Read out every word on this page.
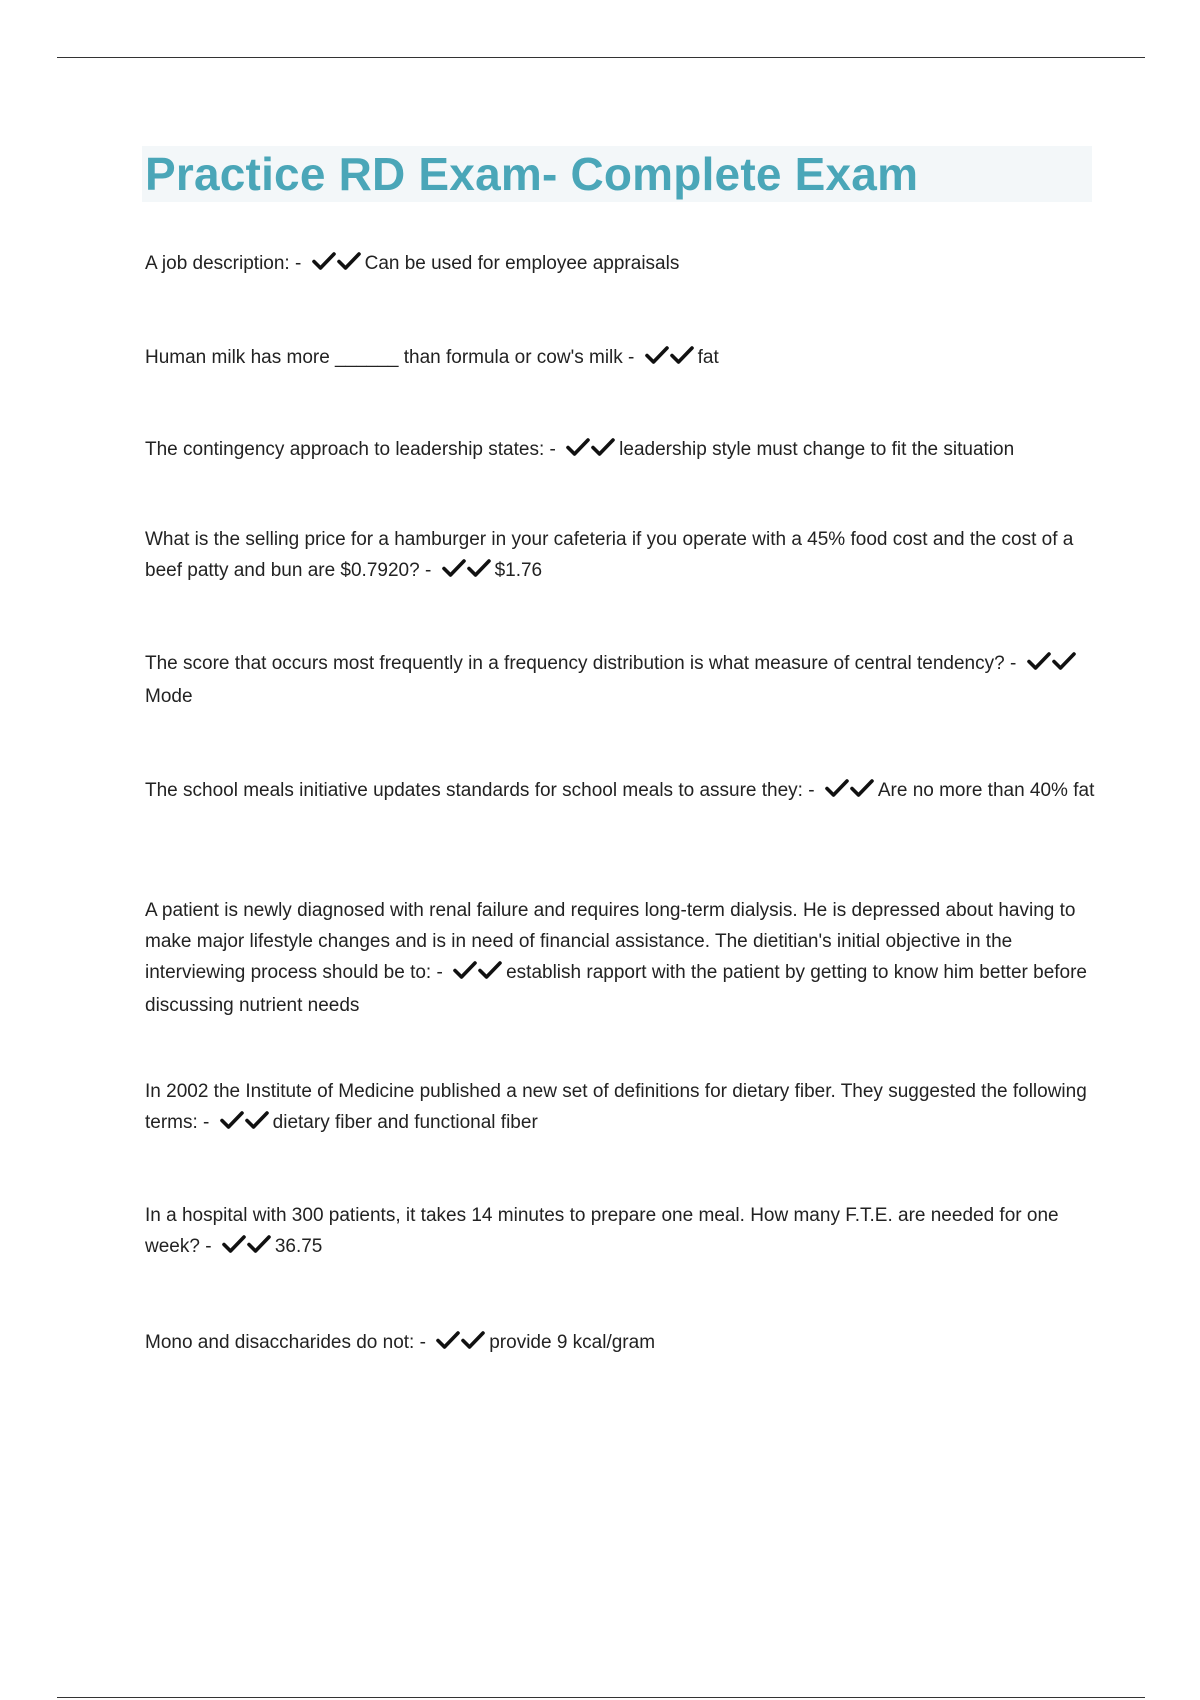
Practice RD Exam- Complete Exam

A job description: -	Can be used for employee appraisals

Human milk has more ______ than formula or cow's milk -	fat

The contingency approach to leadership states: -	leadership style must change to fit the situation

What is the selling price for a hamburger in your cafeteria if you operate with a 45% food cost and the cost of a beef patty and bun are $0.7920? -	$1.76

The score that occurs most frequently in a frequency distribution is what measure of central tendency? -
Mode

The school meals initiative updates standards for school meals to assure they: -	Are no more than 40% fat

A patient is newly diagnosed with renal failure and requires long-term dialysis. He is depressed about having to make major lifestyle changes and is in need of financial assistance. The dietitian's initial objective in the interviewing process should be to: -	establish rapport with the patient by getting to know him better before discussing nutrient needs

In 2002 the Institute of Medicine published a new set of definitions for dietary fiber. They suggested the following terms: -	dietary fiber and functional fiber

In a hospital with 300 patients, it takes 14 minutes to prepare one meal. How many F.T.E. are needed for one week? -	36.75

Mono and disaccharides do not: -	provide 9 kcal/gram
